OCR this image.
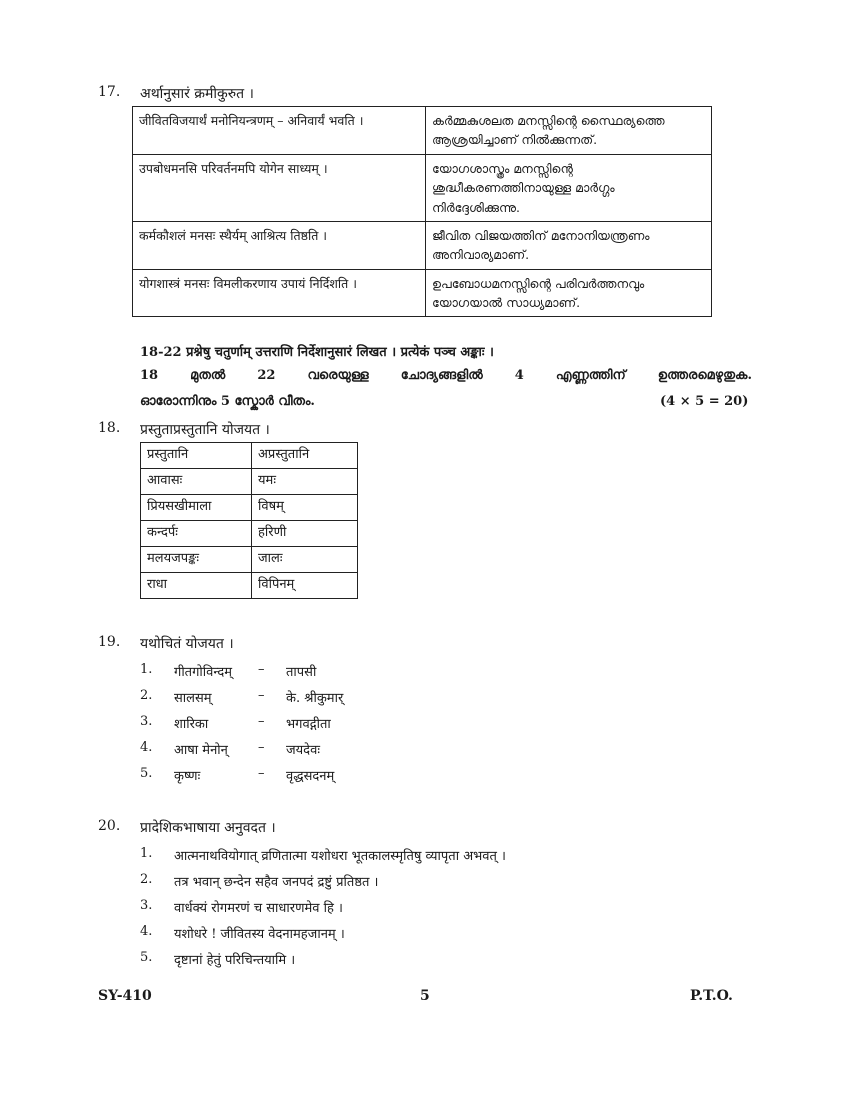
17. अर्थानुसारं क्रमीकुरुत ।
जीवितविजयार्थं मनोनियन्त्रणम् – अनिवार्यं भवति ।	കർമ്മകുശലത മനസ്സിന്റെ സ്ഥൈര്യത്തെ ആശ്രയിച്ചാണ് നിൽക്കുന്നത്.
उपबोधमनसि परिवर्तनमपि योगेन साध्यम् ।	യോഗശാസ്ത്രം മനസ്സിന്റെ ശുദ്ധീകരണത്തിനായുള്ള മാർഗ്ഗം നിർദ്ദേശിക്കുന്നു.
कर्मकौशलं मनसः स्थैर्यम् आश्रित्य तिष्ठति ।	ജീവിത വിജയത്തിന് മനോനിയന്ത്രണം അനിവാര്യമാണ്.
योगशास्त्रं मनसः विमलीकरणाय उपायं निर्दिशति ।	ഉപബോധമനസ്സിന്റെ പരിവർത്തനവും യോഗയാൽ സാധ്യമാണ്.
18-22 प्रश्नेषु चतुर्णाम् उत्तराणि निर्देशानुसारं लिखत । प्रत्येकं पञ्च अङ्काः ।
18 മുതൽ 22 വരെയുള്ള ചോദ്യങ്ങളിൽ 4 എണ്ണത്തിന് ഉത്തരമെഴുതുക.
ഓരോന്നിനും 5 സ്കോർ വീതം.	(4 × 5 = 20)
18. प्रस्तुताप्रस्तुतानि योजयत ।
प्रस्तुतानि	अप्रस्तुतानि
आवासः	यमः
प्रियसखीमाला	विषम्
कन्दर्पः	हरिणी
मलयजपङ्कः	जालः
राधा	विपिनम्
19. यथोचितं योजयत ।
1. गीतगोविन्दम् – तापसी
2. सालसम्	– के. श्रीकुमार्
3. शारिका	– भगवद्गीता
4. आषा मेनोन् – जयदेवः
5. कृष्णः	– वृद्धसदनम्
20. प्रादेशिकभाषाया अनुवदत ।
1. आत्मनाथवियोगात् व्रणितात्मा यशोधरा भूतकालस्मृतिषु व्यापृता अभवत् ।
2. तत्र भवान् छन्देन सहैव जनपदं द्रष्टुं प्रतिष्ठत ।
3. वार्धक्यं रोगमरणं च साधारणमेव हि ।
4. यशोधरे ! जीवितस्य वेदनामहजानम् ।
5. दृष्टानां हेतुं परिचिन्तयामि ।
SY-410	5	P.T.O.
